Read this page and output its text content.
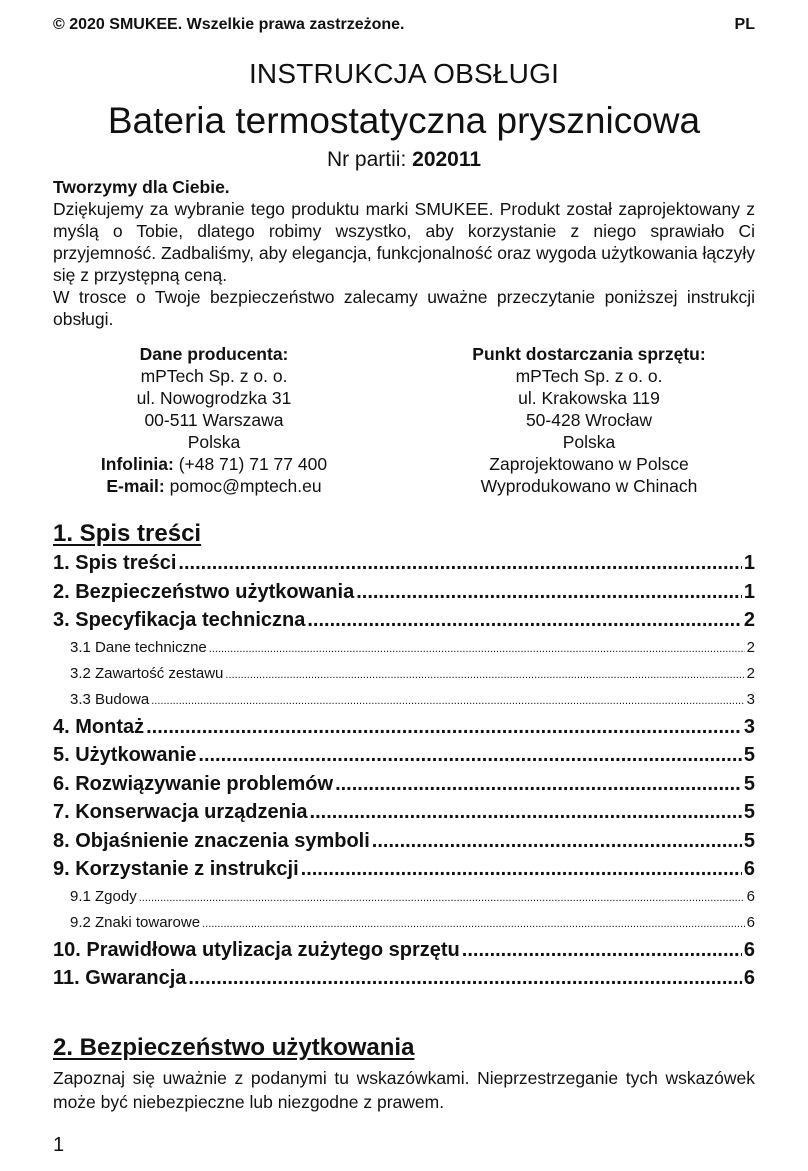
© 2020 SMUKEE. Wszelkie prawa zastrzeżone.	PL
INSTRUKCJA OBSŁUGI
Bateria termostatyczna prysznicowa
Nr partii: 202011

Tworzymy dla Ciebie.

Dziękujemy za wybranie tego produktu marki SMUKEE. Produkt został zaprojektowany z myślą o Tobie, dlatego robimy wszystko, aby korzystanie z niego sprawiało Ci przyjemność. Zadbaliśmy, aby elegancja, funkcjonalność oraz wygoda użytkowania łączyły się z przystępną ceną.

W trosce o Twoje bezpieczeństwo zalecamy uważne przeczytanie poniższej instrukcji obsługi.

Dane producenta:
mPTech Sp. z o. o.
ul. Nowogrodzka 31
00-511 Warszawa
Polska
Infolinia: (+48 71) 71 77 400
E-mail: pomoc@mptech.eu
Punkt dostarczania sprzętu:
mPTech Sp. z o. o.
ul. Krakowska 119
50-428 Wrocław
Polska
Zaprojektowano w Polsce
Wyprodukowano w Chinach
1. Spis treści
1. Spis treści .....	1
2. Bezpieczeństwo użytkowania .....	1
3. Specyfikacja techniczna .....	2
3.1 Dane techniczne .....	2
3.2 Zawartość zestawu .....	2
3.3 Budowa .....	3
4. Montaż .....	3
5. Użytkowanie .....	5
6. Rozwiązywanie problemów .....	5
7. Konserwacja urządzenia .....	5
8. Objaśnienie znaczenia symboli .....	5
9. Korzystanie z instrukcji .....	6
9.1 Zgody .....	6
9.2 Znaki towarowe .....	6
10. Prawidłowa utylizacja zużytego sprzętu .....	6
11. Gwarancja .....	6
2. Bezpieczeństwo użytkowania

Zapoznaj się uważnie z podanymi tu wskazówkami. Nieprzestrzeganie tych wskazówek może być niebezpieczne lub niezgodne z prawem.

1
